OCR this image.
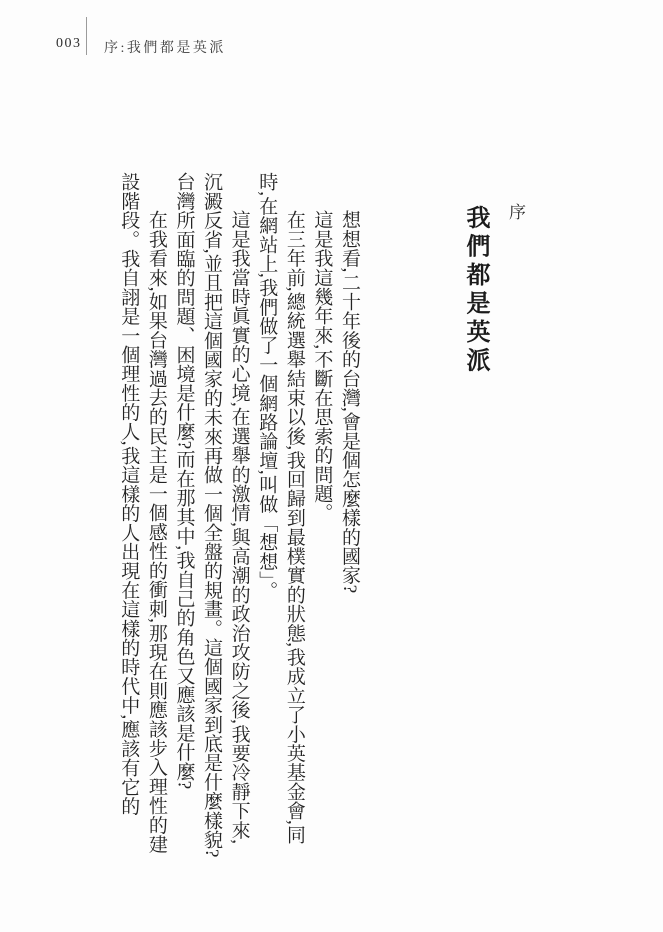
003 序:我們都是英派
序
我們都是英派

想想看,二十年後的台灣,會是個怎麼樣的國家?

這是我這幾年來,不斷在思索的問題。

在三年前,總統選舉結束以後,我回歸到最樸實的狀態,我成立了小英基金會,同時,在網站上,我們做了一個網路論壇,叫做「想想」。

這是我當時眞實的心境,在選舉的激情,與高潮的政治攻防之後,我要冷靜下來,沉澱反省,並且把這個國家的未來再做一個全盤的規畫。這個國家到底是什麼樣貌?台灣所面臨的問題、困境是什麼?而在那其中,我自己的角色又應該是什麼?

在我看來,如果台灣過去的民主是一個感性的衝刺,那現在則應該步入理性的建設階段。我自詡是一個理性的人,我這樣的人出現在這樣的時代中,應該有它的
